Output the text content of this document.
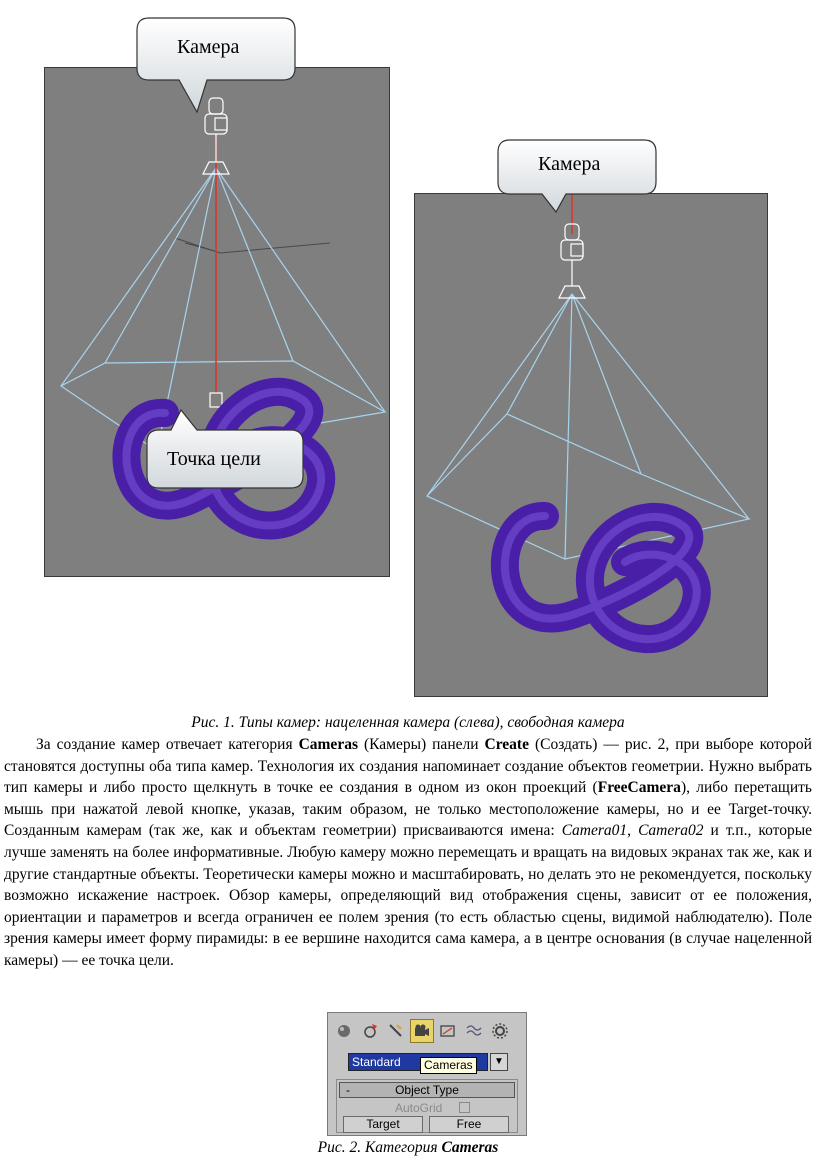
Камера
Точка цели
Камера
Рис. 1. Типы камер: нацеленная камера (слева), свободная камера

За создание камер отвечает категория Cameras (Камеры) панели Create (Создать) — рис. 2, при выборе которой становятся доступны оба типа камер. Технология их создания напоминает создание объектов геометрии. Нужно выбрать тип камеры и либо просто щелкнуть в точке ее создания в одном из окон проекций (FreeCamera), либо перетащить мышь при нажатой левой кнопке, указав, таким образом, не только местоположение камеры, но и ее Target-точку. Созданным камерам (так же, как и объектам геометрии) присваиваются имена: Camera01, Camera02 и т.п., которые лучше заменять на более информативные. Любую камеру можно перемещать и вращать на видовых экранах так же, как и другие стандартные объекты. Теоретически камеры можно и масштабировать, но делать это не рекомендуется, поскольку возможно искажение настроек. Обзор камеры, определяющий вид отображения сцены, зависит от ее положения, ориентации и параметров и всегда ограничен ее полем зрения (то есть областью сцены, видимой наблюдателю). Поле зрения камеры имеет форму пирамиды: в ее вершине находится сама камера, а в центре основания (в случае нацеленной камеры) — ее точка цели.

Standard	▼
Cameras
-	Object Type
AutoGrid
Target	Free
Рис. 2. Категория Cameras
